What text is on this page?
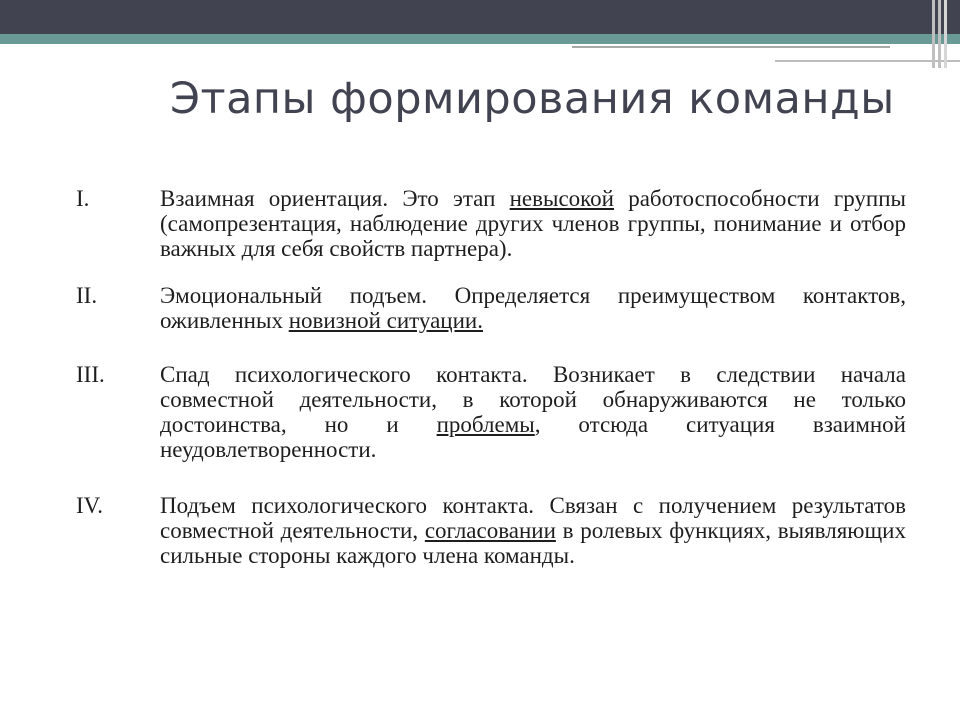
Этапы формирования команды
I.	Взаимная ориентация. Это этап невысокой работоспособности группы (самопрезентация, наблюдение других членов группы, понимание и отбор важных для себя свойств партнера).
II.	Эмоциональный подъем. Определяется преимуществом контактов, оживленных новизной ситуации.
III.	Спад психологического контакта. Возникает в следствии начала совместной деятельности, в которой обнаруживаются не только достоинства, но и проблемы, отсюда ситуация взаимной неудовлетворенности.
IV.	Подъем психологического контакта. Связан с получением результатов совместной деятельности, согласовании в ролевых функциях, выявляющих сильные стороны каждого члена команды.
